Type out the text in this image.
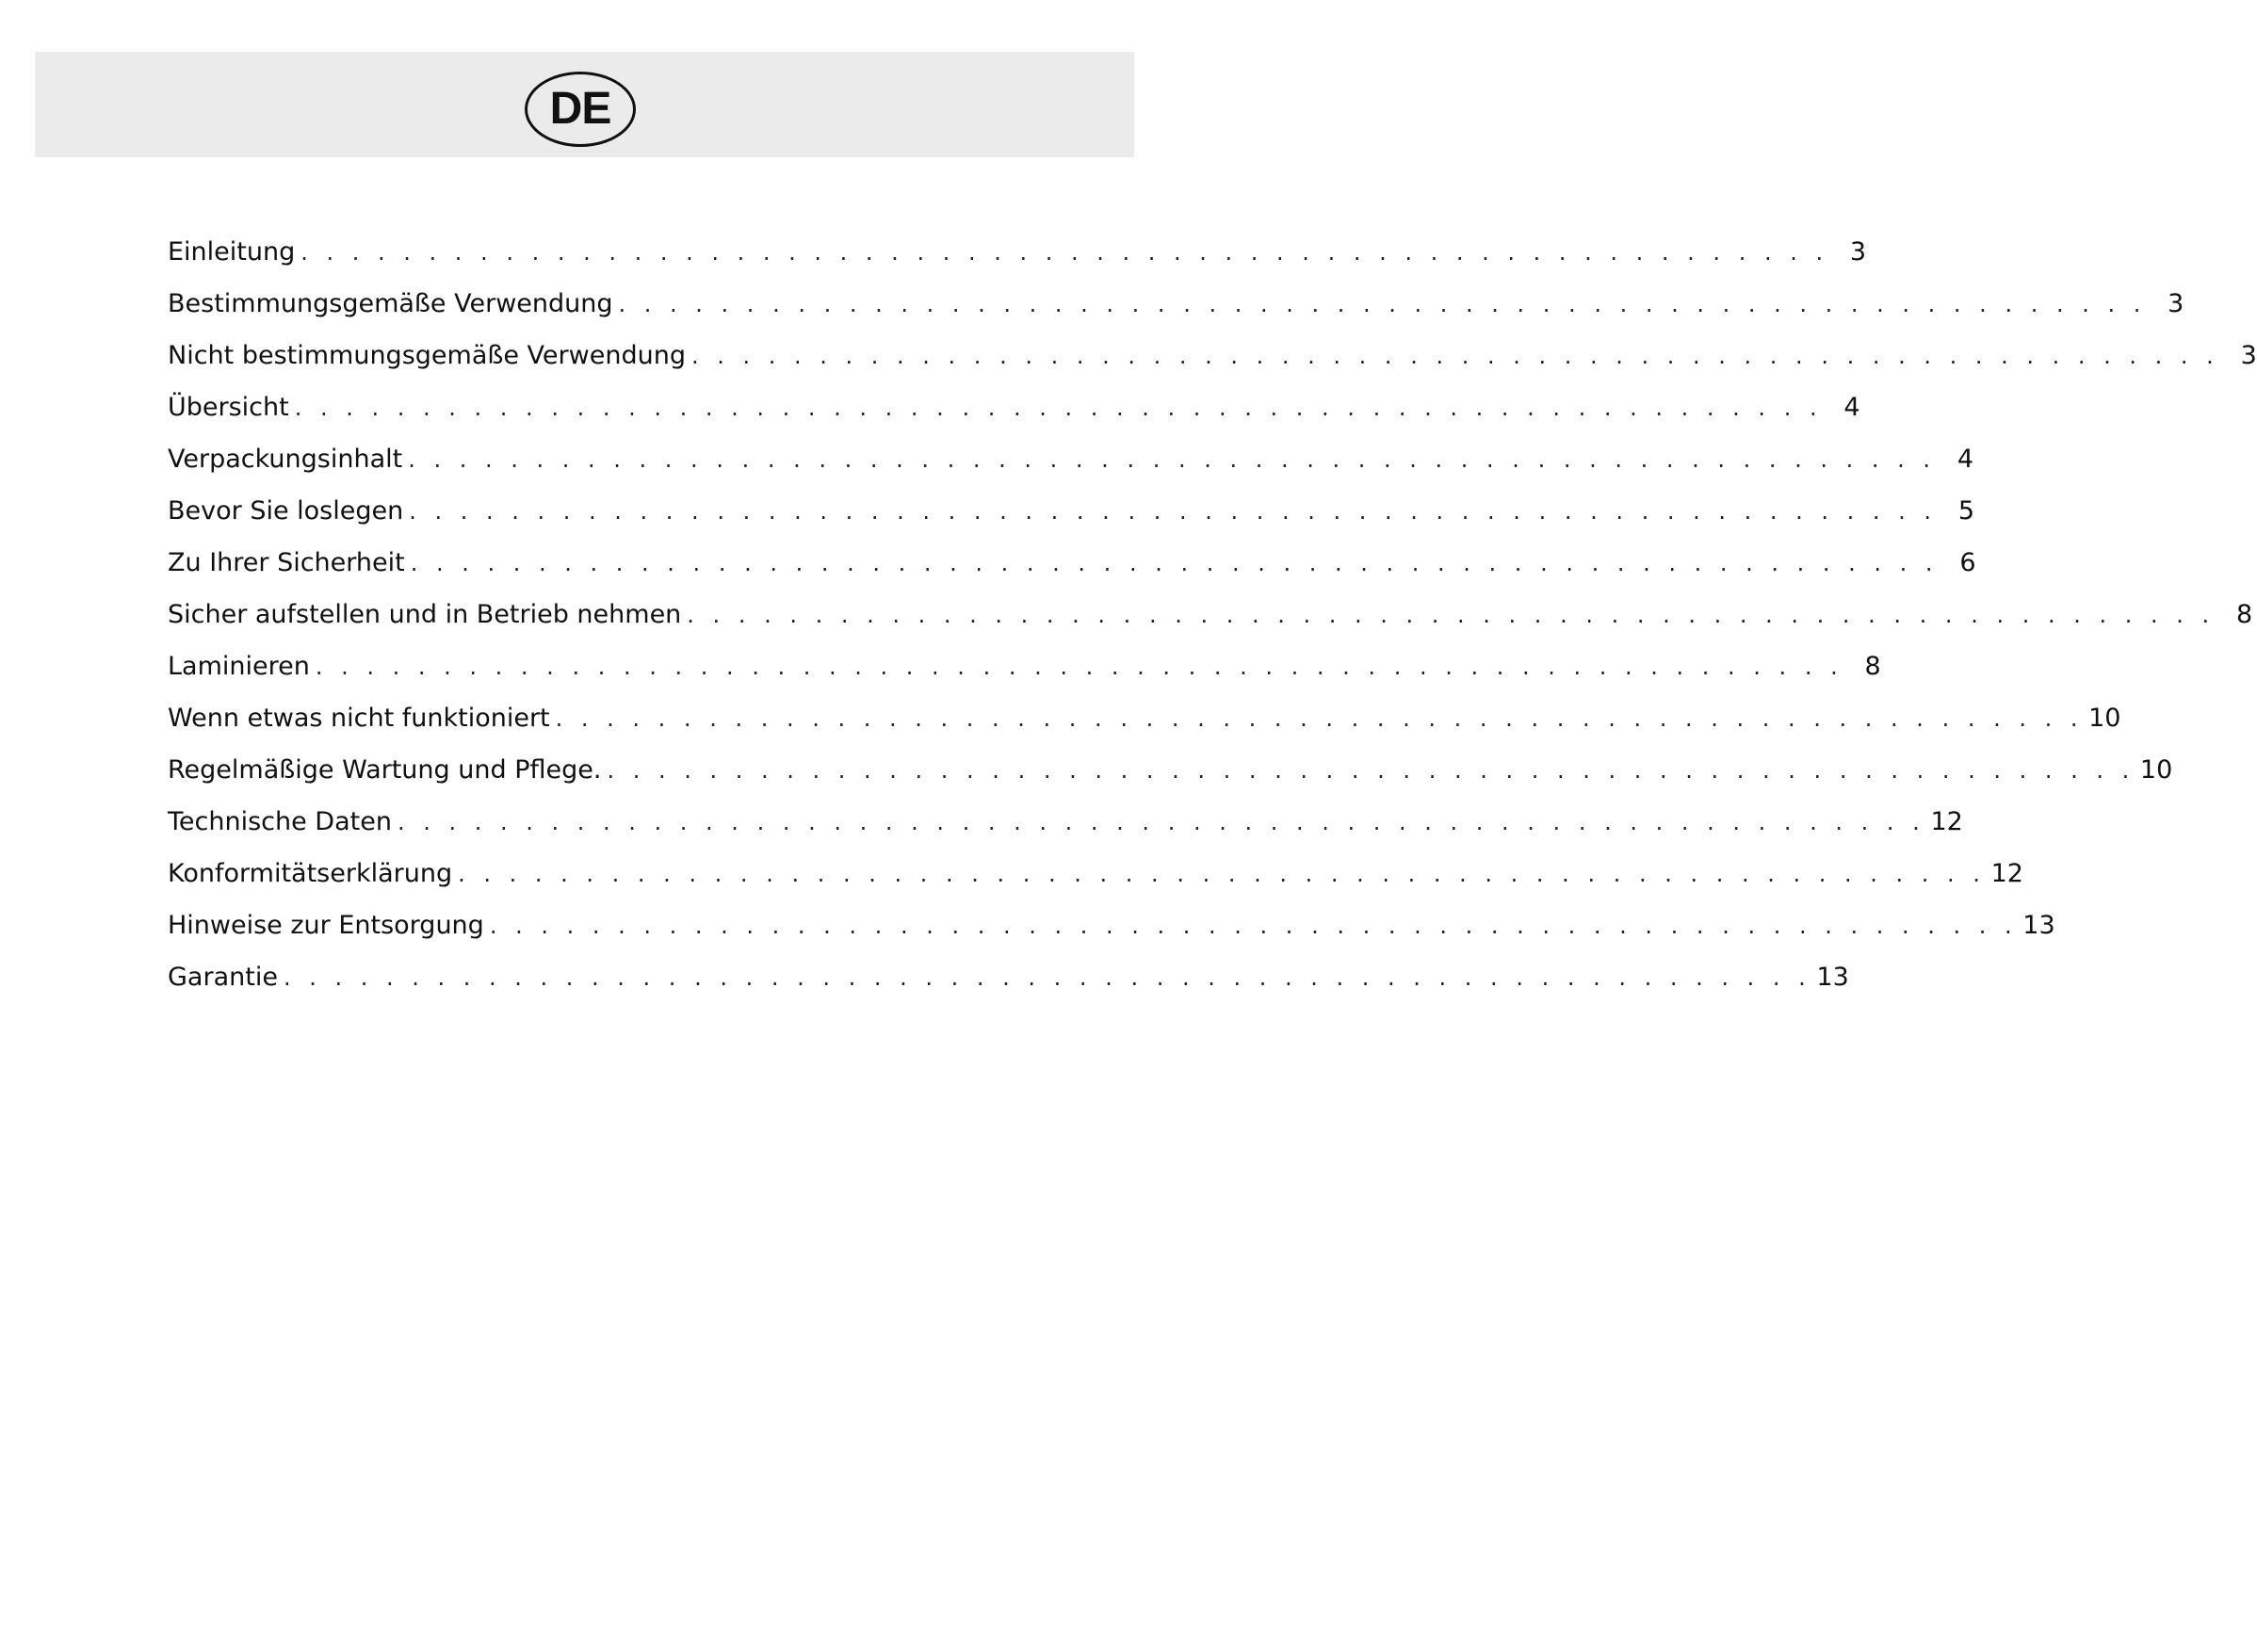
DE
Einleitung . . . . . . . . . . . . . . . . . . . . . . . . . . . . . . . . . . . . . . . . . . . . . . . . . . . . . . . . . . . . 3
Bestimmungsgemäße Verwendung . . . . . . . . . . . . . . . . . . . . . . . . . . . . . . . . . . . . . . . . . . . . . . . . . . . . . . . . . . . . 3
Nicht bestimmungsgemäße Verwendung . . . . . . . . . . . . . . . . . . . . . . . . . . . . . . . . . . . . . . . . . . . . . . . . . . . . . . . . . . . . 3
Übersicht . . . . . . . . . . . . . . . . . . . . . . . . . . . . . . . . . . . . . . . . . . . . . . . . . . . . . . . . . . . . 4
Verpackungsinhalt . . . . . . . . . . . . . . . . . . . . . . . . . . . . . . . . . . . . . . . . . . . . . . . . . . . . . . . . . . . . 4
Bevor Sie loslegen . . . . . . . . . . . . . . . . . . . . . . . . . . . . . . . . . . . . . . . . . . . . . . . . . . . . . . . . . . . . 5
Zu Ihrer Sicherheit . . . . . . . . . . . . . . . . . . . . . . . . . . . . . . . . . . . . . . . . . . . . . . . . . . . . . . . . . . . . 6
Sicher aufstellen und in Betrieb nehmen . . . . . . . . . . . . . . . . . . . . . . . . . . . . . . . . . . . . . . . . . . . . . . . . . . . . . . . . . . . . 8
Laminieren . . . . . . . . . . . . . . . . . . . . . . . . . . . . . . . . . . . . . . . . . . . . . . . . . . . . . . . . . . . . 8
Wenn etwas nicht funktioniert . . . . . . . . . . . . . . . . . . . . . . . . . . . . . . . . . . . . . . . . . . . . . . . . . . . . . . . . . . . . 10
Regelmäßige Wartung und Pflege. . . . . . . . . . . . . . . . . . . . . . . . . . . . . . . . . . . . . . . . . . . . . . . . . . . . . . . . . . . . . 10
Technische Daten . . . . . . . . . . . . . . . . . . . . . . . . . . . . . . . . . . . . . . . . . . . . . . . . . . . . . . . . . . . . 12
Konformitätserklärung . . . . . . . . . . . . . . . . . . . . . . . . . . . . . . . . . . . . . . . . . . . . . . . . . . . . . . . . . . . . 12
Hinweise zur Entsorgung . . . . . . . . . . . . . . . . . . . . . . . . . . . . . . . . . . . . . . . . . . . . . . . . . . . . . . . . . . . . 13
Garantie . . . . . . . . . . . . . . . . . . . . . . . . . . . . . . . . . . . . . . . . . . . . . . . . . . . . . . . . . . . . 13
